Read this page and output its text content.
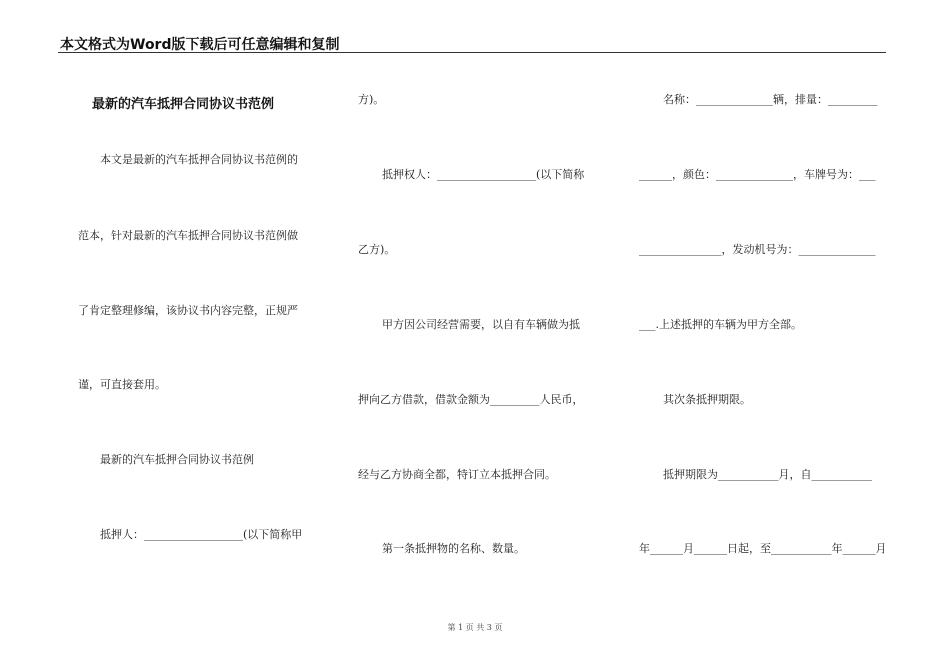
本文格式为Word版下载后可任意编辑和复制
最新的汽车抵押合同协议书范例
本文是最新的汽车抵押合同协议书范例的
范本，针对最新的汽车抵押合同协议书范例做
了肯定整理修编，该协议书内容完整，正规严
谨，可直接套用。
最新的汽车抵押合同协议书范例
抵押人：__________________(以下简称甲
方)。
抵押权人：__________________(以下简称
乙方)。
甲方因公司经营需要，以自有车辆做为抵
押向乙方借款，借款金额为_________人民币，
经与乙方协商全都，特订立本抵押合同。
第一条抵押物的名称、数量。
名称：______________辆，排量：_________
______，颜色：______________，车牌号为：___
_______________，发动机号为：______________
___.上述抵押的车辆为甲方全部。
其次条抵押期限。
抵押期限为___________月，自___________
年______月______日起，至___________年______月
第 1 页 共 3 页
